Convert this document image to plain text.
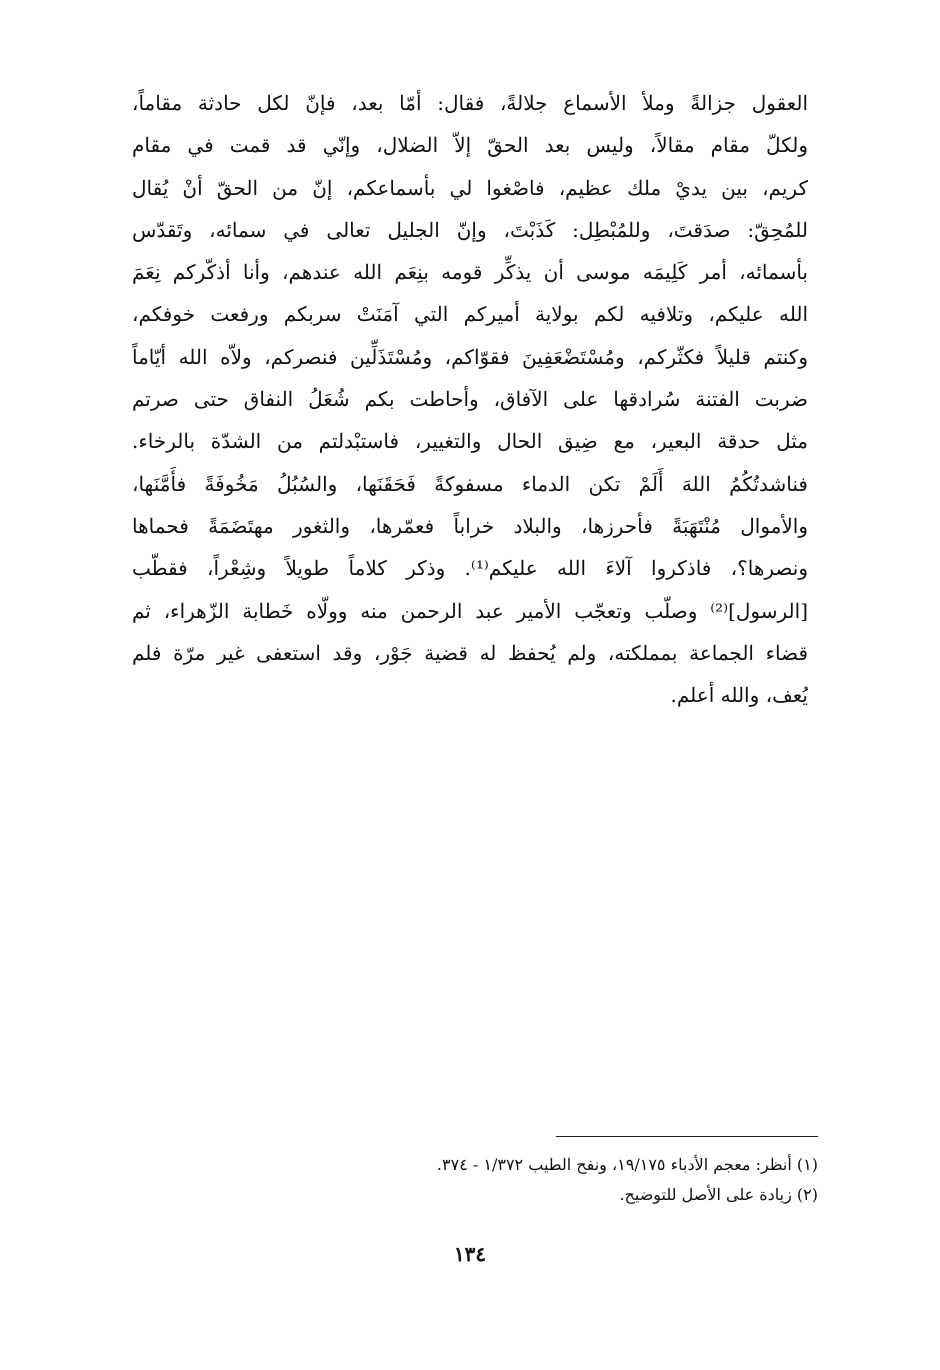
العقول جزالةً وملأ الأسماع جلالةً، فقال: أمّا بعد، فإنّ لكل حادثة مقاماً،
ولكلّ مقام مقالاً، وليس بعد الحقّ إلاّ الضلال، وإنّي قد قمت في مقام
كريم، بين يديْ ملك عظيم، فاصْغوا لي بأسماعكم، إنّ من الحقّ أنْ يُقال
للمُحِقّ: صدَقتَ، وللمُبْطِل: كَذَبْتَ، وإنّ الجليل تعالى في سمائه، وتَقدّس
بأسمائه، أمر كَلِيمَه موسى أن يذكِّر قومه بنِعَم الله عندهم، وأنا أذكّركم نِعَمَ
الله عليكم، وتلافيه لكم بولاية أميركم التي آمَنَتْ سربكم ورفعت خوفكم،
وكنتم قليلاً فكثّركم، ومُسْتَضْعَفِينَ فقوّاكم، ومُسْتَذَلِّين فنصركم، ولاّه الله أيّاماً
ضربت الفتنة سُرادقها على الآفاق، وأحاطت بكم شُعَلُ النفاق حتى صرتم
مثل حدقة البعير، مع ضِيق الحال والتغيير، فاستبْدلتم من الشدّة بالرخاء.
فناشدتُكُمُ اللهَ أَلَمْ تكن الدماء مسفوكةً فَحَقَنَها، والسُبُلُ مَخُوفَةً فأَمَّنَها،
والأموال مُنْتَهَبَةً فأحرزها، والبلاد خراباً فعمّرها، والثغور مهتَضَمَةً فحماها
ونصرها؟، فاذكروا آلاءَ الله عليكم⁽¹⁾. وذكر كلاماً طويلاً وشِعْراً، فقطّب
[الرسول]⁽²⁾ وصلّب وتعجّب الأمير عبد الرحمن منه وولّاه خَطابة الزّهراء، ثم
قضاء الجماعة بمملكته، ولم يُحفظ له قضية جَوْر، وقد استعفى غير مرّة فلم
يُعف، والله أعلم.
(١) أنظر: معجم الأدباء ١٩/١٧٥، ونفح الطيب ١/٣٧٢ - ٣٧٤.
(٢) زيادة على الأصل للتوضيح.
١٣٤
